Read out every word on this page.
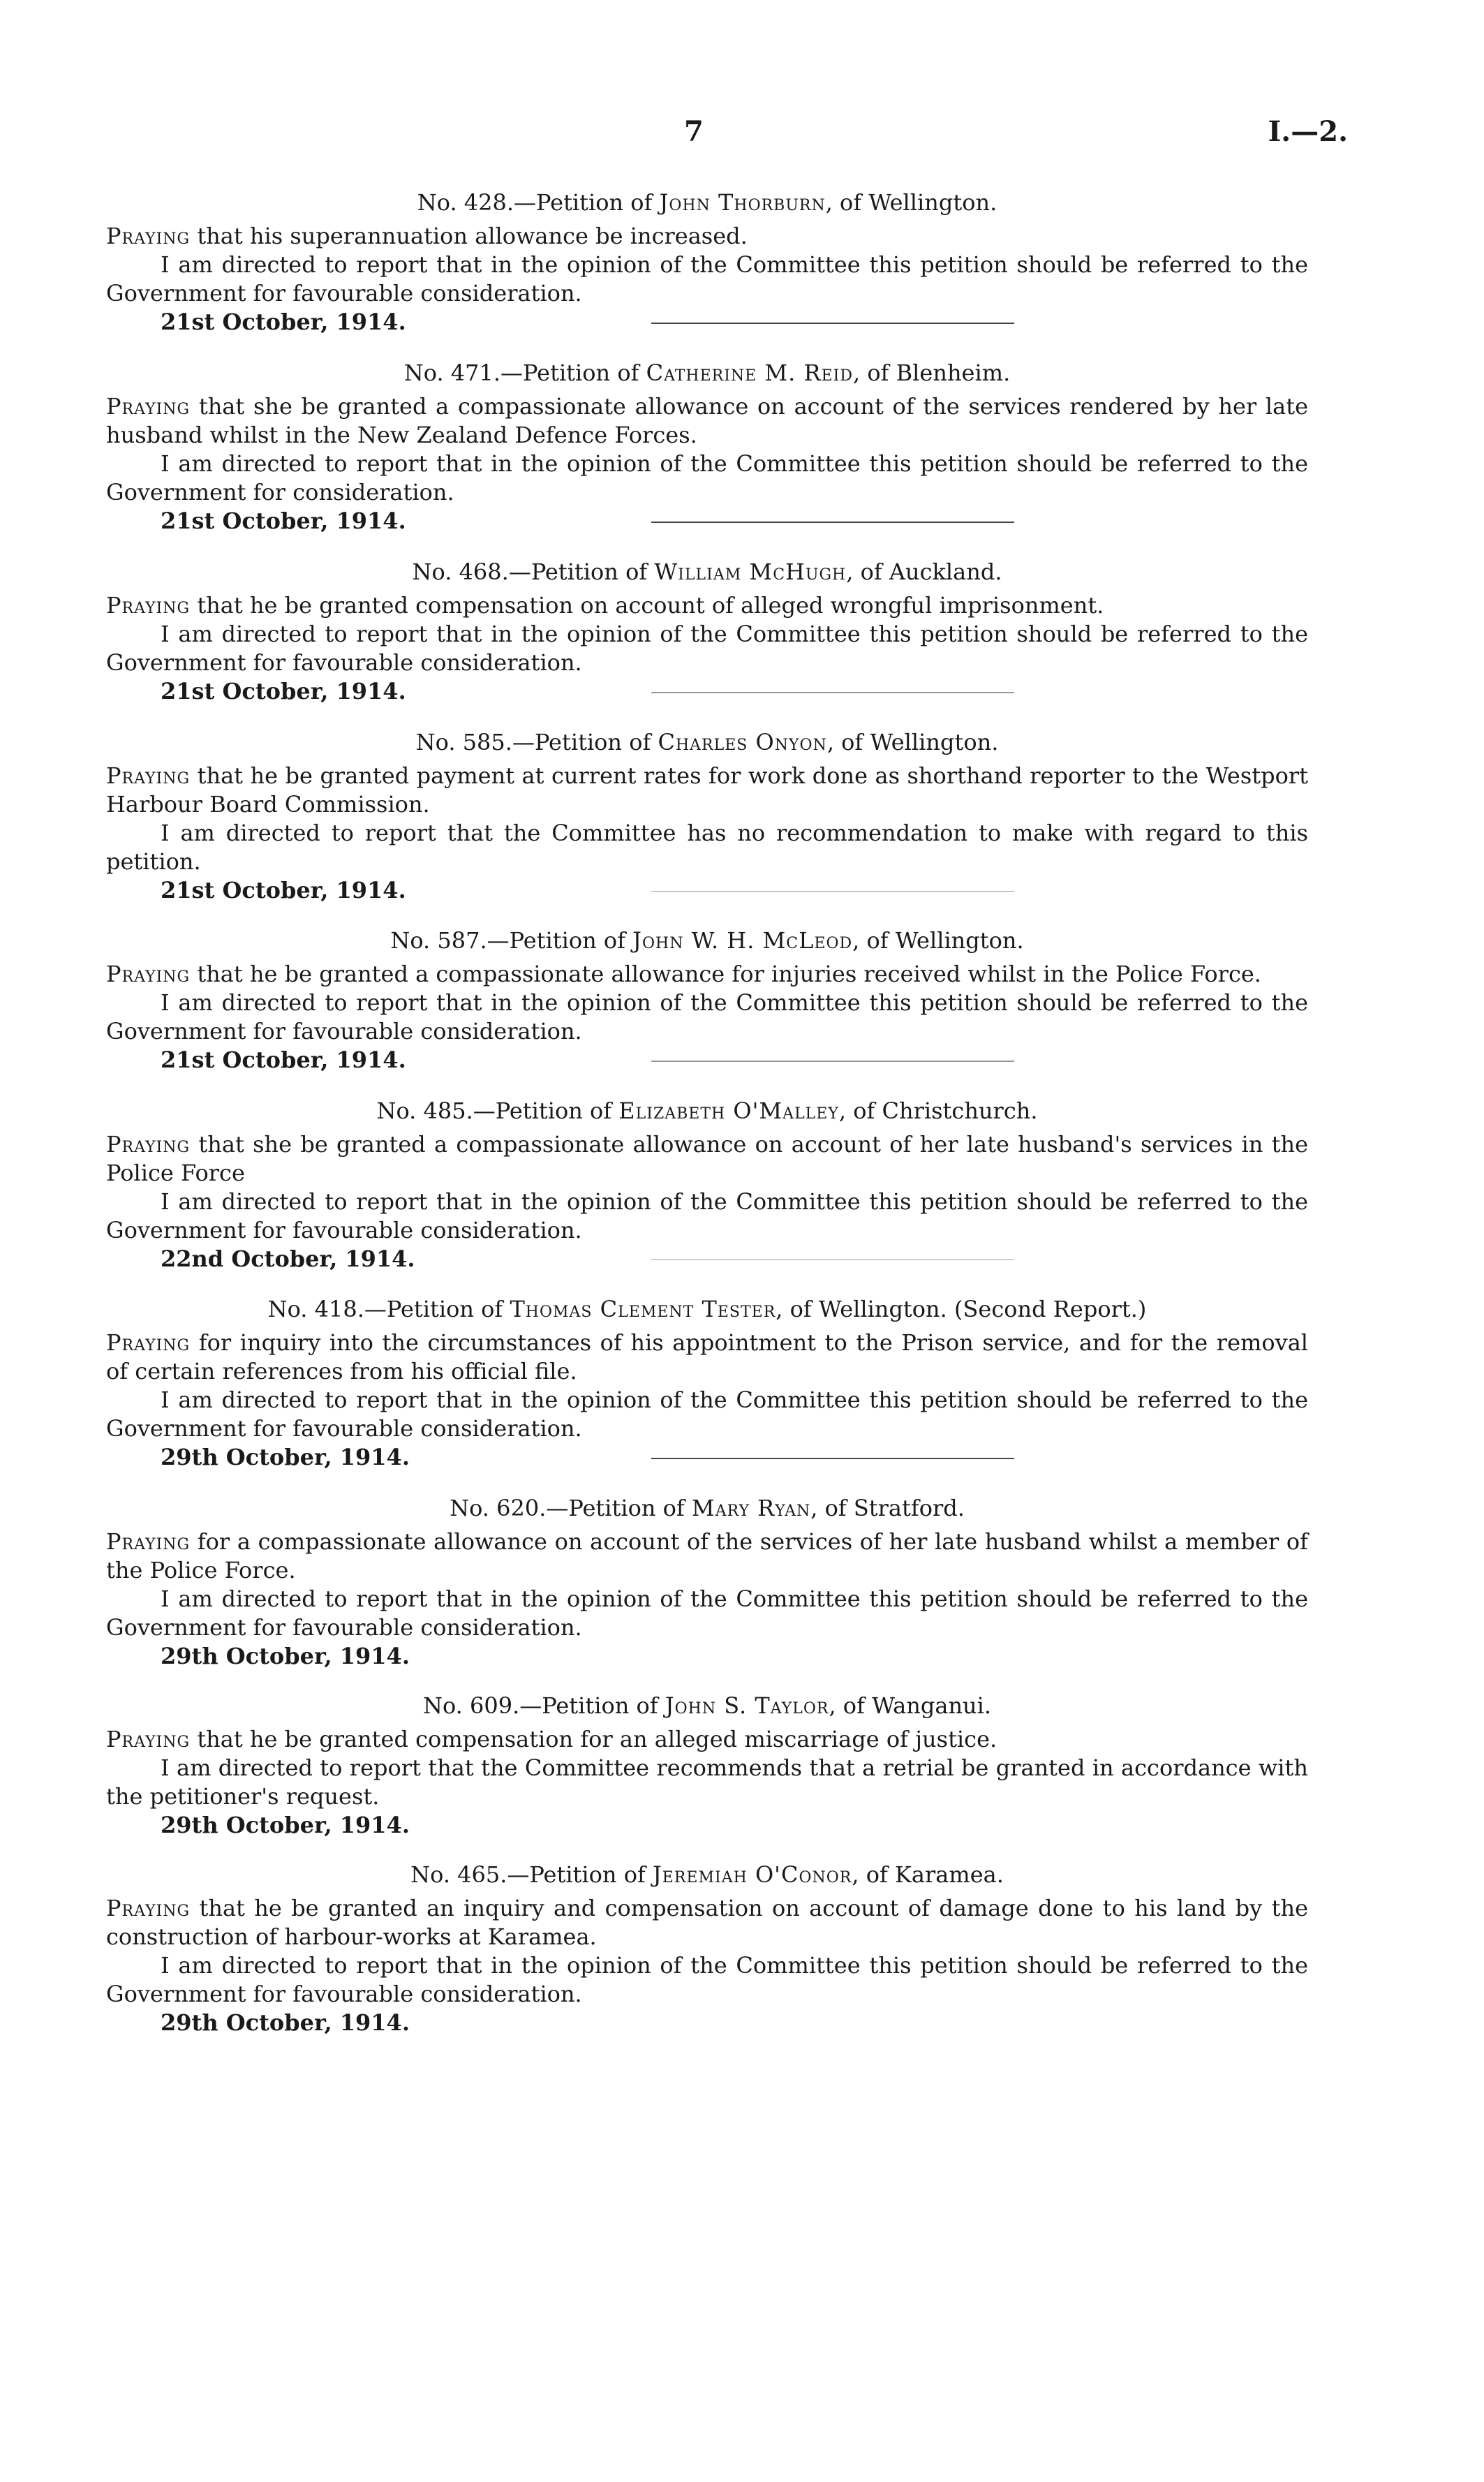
7	I.—2.

No. 428.—Petition of John Thorburn, of Wellington.

Praying that his superannuation allowance be increased.

I am directed to report that in the opinion of the Committee this petition should be referred to the Government for favourable consideration.

21st October, 1914.

No. 471.—Petition of Catherine M. Reid, of Blenheim.

Praying that she be granted a compassionate allowance on account of the services rendered by her late husband whilst in the New Zealand Defence Forces.

I am directed to report that in the opinion of the Committee this petition should be referred to the Government for consideration.

21st October, 1914.

No. 468.—Petition of William McHugh, of Auckland.

Praying that he be granted compensation on account of alleged wrongful imprisonment.

I am directed to report that in the opinion of the Committee this petition should be referred to the Government for favourable consideration.

21st October, 1914.

No. 585.—Petition of Charles Onyon, of Wellington.

Praying that he be granted payment at current rates for work done as shorthand reporter to the Westport Harbour Board Commission.

I am directed to report that the Committee has no recommendation to make with regard to this petition.

21st October, 1914.

No. 587.—Petition of John W. H. McLeod, of Wellington.

Praying that he be granted a compassionate allowance for injuries received whilst in the Police Force.

I am directed to report that in the opinion of the Committee this petition should be referred to the Government for favourable consideration.

21st October, 1914.

No. 485.—Petition of Elizabeth O'Malley, of Christchurch.

Praying that she be granted a compassionate allowance on account of her late husband's services in the Police Force

I am directed to report that in the opinion of the Committee this petition should be referred to the Government for favourable consideration.

22nd October, 1914.

No. 418.—Petition of Thomas Clement Tester, of Wellington. (Second Report.)

Praying for inquiry into the circumstances of his appointment to the Prison service, and for the removal of certain references from his official file.

I am directed to report that in the opinion of the Committee this petition should be referred to the Government for favourable consideration.

29th October, 1914.

No. 620.—Petition of Mary Ryan, of Stratford.

Praying for a compassionate allowance on account of the services of her late husband whilst a member of the Police Force.

I am directed to report that in the opinion of the Committee this petition should be referred to the Government for favourable consideration.

29th October, 1914.

No. 609.—Petition of John S. Taylor, of Wanganui.

Praying that he be granted compensation for an alleged miscarriage of justice.

I am directed to report that the Committee recommends that a retrial be granted in accordance with the petitioner's request.

29th October, 1914.

No. 465.—Petition of Jeremiah O'Conor, of Karamea.

Praying that he be granted an inquiry and compensation on account of damage done to his land by the construction of harbour-works at Karamea.

I am directed to report that in the opinion of the Committee this petition should be referred to the Government for favourable consideration.

29th October, 1914.
